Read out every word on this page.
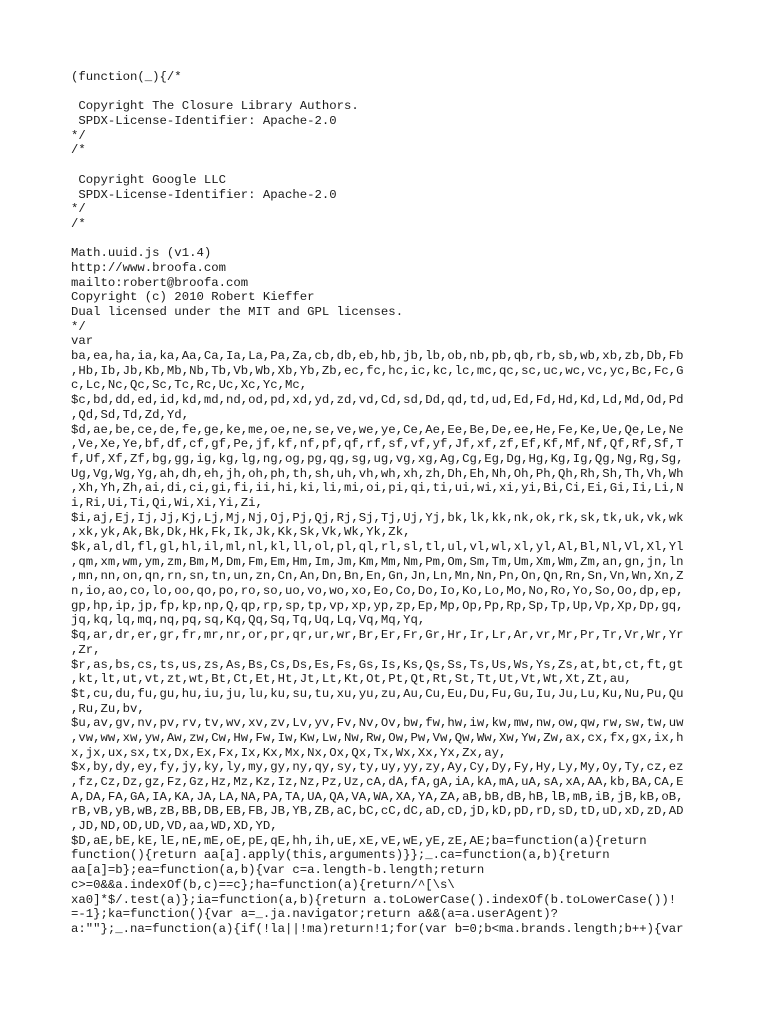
(function(_){/*
Copyright The Closure Library Authors.
SPDX-License-Identifier: Apache-2.0
*/
/*
Copyright Google LLC
SPDX-License-Identifier: Apache-2.0
*/
/*
Math.uuid.js (v1.4)
http://www.broofa.com
mailto:robert@broofa.com
Copyright (c) 2010 Robert Kieffer
Dual licensed under the MIT and GPL licenses.
*/
var
ba,ea,ha,ia,ka,Aa,Ca,Ia,La,Pa,Za,cb,db,eb,hb,jb,lb,ob,nb,pb,qb,rb,sb,wb,xb,zb,Db,Fb
,Hb,Ib,Jb,Kb,Mb,Nb,Tb,Vb,Wb,Xb,Yb,Zb,ec,fc,hc,ic,kc,lc,mc,qc,sc,uc,wc,vc,yc,Bc,Fc,G
c,Lc,Nc,Qc,Sc,Tc,Rc,Uc,Xc,Yc,Mc,
$c,bd,dd,ed,id,kd,md,nd,od,pd,xd,yd,zd,vd,Cd,sd,Dd,qd,td,ud,Ed,Fd,Hd,Kd,Ld,Md,Od,Pd
,Qd,Sd,Td,Zd,Yd,
$d,ae,be,ce,de,fe,ge,ke,me,oe,ne,se,ve,we,ye,Ce,Ae,Ee,Be,De,ee,He,Fe,Ke,Ue,Qe,Le,Ne
,Ve,Xe,Ye,bf,df,cf,gf,Pe,jf,kf,nf,pf,qf,rf,sf,vf,yf,Jf,xf,zf,Ef,Kf,Mf,Nf,Qf,Rf,Sf,T
f,Uf,Xf,Zf,bg,gg,ig,kg,lg,ng,og,pg,qg,sg,ug,vg,xg,Ag,Cg,Eg,Dg,Hg,Kg,Ig,Qg,Ng,Rg,Sg,
Ug,Vg,Wg,Yg,ah,dh,eh,jh,oh,ph,th,sh,uh,vh,wh,xh,zh,Dh,Eh,Nh,Oh,Ph,Qh,Rh,Sh,Th,Vh,Wh
,Xh,Yh,Zh,ai,di,ci,gi,fi,ii,hi,ki,li,mi,oi,pi,qi,ti,ui,wi,xi,yi,Bi,Ci,Ei,Gi,Ii,Li,N
i,Ri,Ui,Ti,Qi,Wi,Xi,Yi,Zi,
$i,aj,Ej,Ij,Jj,Kj,Lj,Mj,Nj,Oj,Pj,Qj,Rj,Sj,Tj,Uj,Yj,bk,lk,kk,nk,ok,rk,sk,tk,uk,vk,wk
,xk,yk,Ak,Bk,Dk,Hk,Fk,Ik,Jk,Kk,Sk,Vk,Wk,Yk,Zk,
$k,al,dl,fl,gl,hl,il,ml,nl,kl,ll,ol,pl,ql,rl,sl,tl,ul,vl,wl,xl,yl,Al,Bl,Nl,Vl,Xl,Yl
,qm,xm,wm,ym,zm,Bm,M,Dm,Fm,Em,Hm,Im,Jm,Km,Mm,Nm,Pm,Om,Sm,Tm,Um,Xm,Wm,Zm,an,gn,jn,ln
,mn,nn,on,qn,rn,sn,tn,un,zn,Cn,An,Dn,Bn,En,Gn,Jn,Ln,Mn,Nn,Pn,On,Qn,Rn,Sn,Vn,Wn,Xn,Z
n,io,ao,co,lo,oo,qo,po,ro,so,uo,vo,wo,xo,Eo,Co,Do,Io,Ko,Lo,Mo,No,Ro,Yo,So,Oo,dp,ep,
gp,hp,ip,jp,fp,kp,np,Q,qp,rp,sp,tp,vp,xp,yp,zp,Ep,Mp,Op,Pp,Rp,Sp,Tp,Up,Vp,Xp,Dp,gq,
jq,kq,lq,mq,nq,pq,sq,Kq,Qq,Sq,Tq,Uq,Lq,Vq,Mq,Yq,
$q,ar,dr,er,gr,fr,mr,nr,or,pr,qr,ur,wr,Br,Er,Fr,Gr,Hr,Ir,Lr,Ar,vr,Mr,Pr,Tr,Vr,Wr,Yr
,Zr,
$r,as,bs,cs,ts,us,zs,As,Bs,Cs,Ds,Es,Fs,Gs,Is,Ks,Qs,Ss,Ts,Us,Ws,Ys,Zs,at,bt,ct,ft,gt
,kt,lt,ut,vt,zt,wt,Bt,Ct,Et,Ht,Jt,Lt,Kt,Ot,Pt,Qt,Rt,St,Tt,Ut,Vt,Wt,Xt,Zt,au,
$t,cu,du,fu,gu,hu,iu,ju,lu,ku,su,tu,xu,yu,zu,Au,Cu,Eu,Du,Fu,Gu,Iu,Ju,Lu,Ku,Nu,Pu,Qu
,Ru,Zu,bv,
$u,av,gv,nv,pv,rv,tv,wv,xv,zv,Lv,yv,Fv,Nv,Ov,bw,fw,hw,iw,kw,mw,nw,ow,qw,rw,sw,tw,uw
,vw,ww,xw,yw,Aw,zw,Cw,Hw,Fw,Iw,Kw,Lw,Nw,Rw,Ow,Pw,Vw,Qw,Ww,Xw,Yw,Zw,ax,cx,fx,gx,ix,h
x,jx,ux,sx,tx,Dx,Ex,Fx,Ix,Kx,Mx,Nx,Ox,Qx,Tx,Wx,Xx,Yx,Zx,ay,
$x,by,dy,ey,fy,jy,ky,ly,my,gy,ny,qy,sy,ty,uy,yy,zy,Ay,Cy,Dy,Fy,Hy,Ly,My,Oy,Ty,cz,ez
,fz,Cz,Dz,gz,Fz,Gz,Hz,Mz,Kz,Iz,Nz,Pz,Uz,cA,dA,fA,gA,iA,kA,mA,uA,sA,xA,AA,kb,BA,CA,E
A,DA,FA,GA,IA,KA,JA,LA,NA,PA,TA,UA,QA,VA,WA,XA,YA,ZA,aB,bB,dB,hB,lB,mB,iB,jB,kB,oB,
rB,vB,yB,wB,zB,BB,DB,EB,FB,JB,YB,ZB,aC,bC,cC,dC,aD,cD,jD,kD,pD,rD,sD,tD,uD,xD,zD,AD
,JD,ND,OD,UD,VD,aa,WD,XD,YD,
$D,aE,bE,kE,lE,nE,mE,oE,pE,qE,hh,ih,uE,xE,vE,wE,yE,zE,AE;ba=function(a){return
function(){return aa[a].apply(this,arguments)}};_.ca=function(a,b){return
aa[a]=b};ea=function(a,b){var c=a.length-b.length;return
c>=0&&a.indexOf(b,c)==c};ha=function(a){return/^[\s\
xa0]*$/.test(a)};ia=function(a,b){return a.toLowerCase().indexOf(b.toLowerCase())!
=-1};ka=function(){var a=_.ja.navigator;return a&&(a=a.userAgent)?
a:""};_.na=function(a){if(!la||!ma)return!1;for(var b=0;b<ma.brands.length;b++){var
